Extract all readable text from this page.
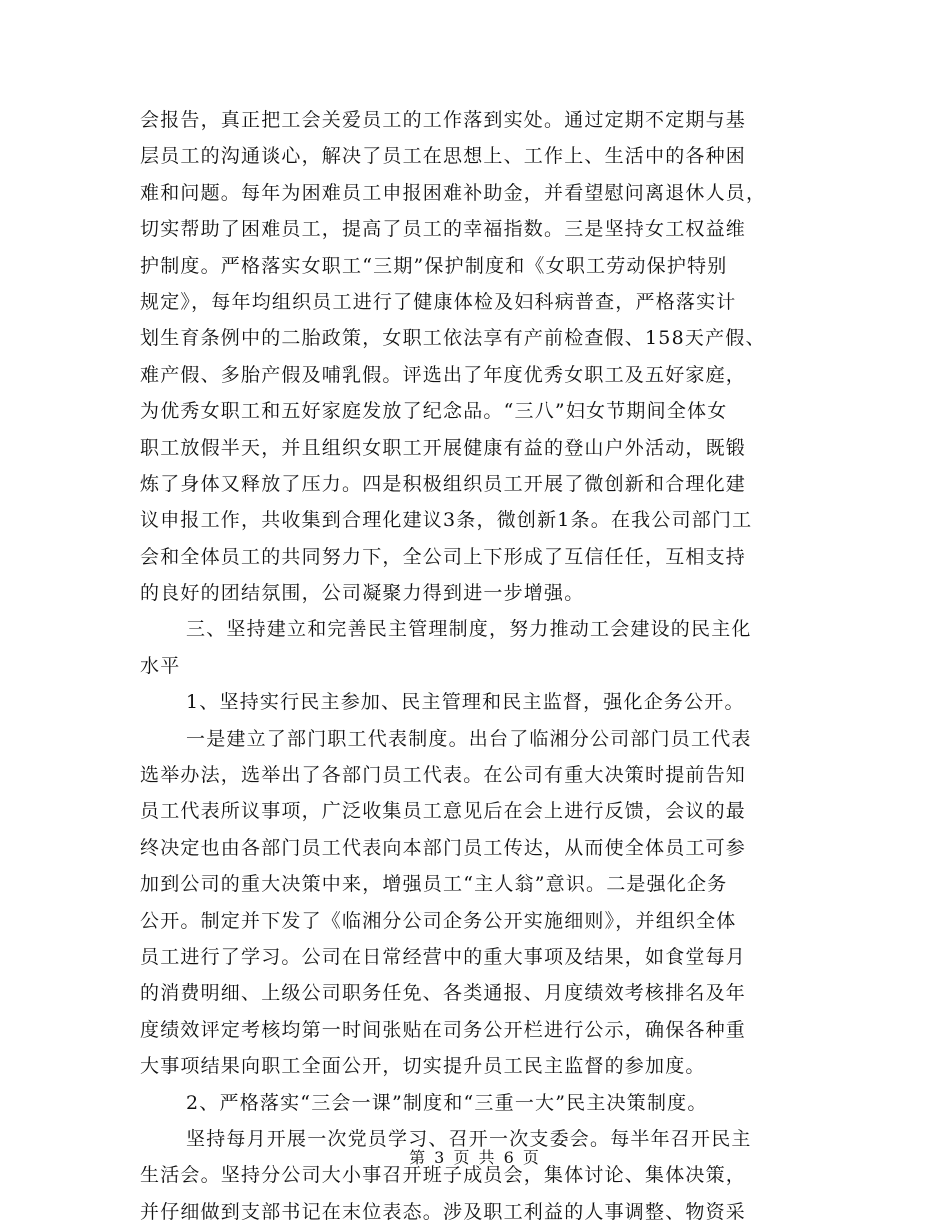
会报告，真正把工会关爱员工的工作落到实处。通过定期不定期与基
层员工的沟通谈心，解决了员工在思想上、工作上、生活中的各种困
难和问题。每年为困难员工申报困难补助金，并看望慰问离退休人员，
切实帮助了困难员工，提高了员工的幸福指数。三是坚持女工权益维
护制度。严格落实女职工“三期”保护制度和《女职工劳动保护特别
规定》，每年均组织员工进行了健康体检及妇科病普查，严格落实计
划生育条例中的二胎政策，女职工依法享有产前检查假、158天产假、
难产假、多胎产假及哺乳假。评选出了年度优秀女职工及五好家庭，
为优秀女职工和五好家庭发放了纪念品。“三八”妇女节期间全体女
职工放假半天，并且组织女职工开展健康有益的登山户外活动，既锻
炼了身体又释放了压力。四是积极组织员工开展了微创新和合理化建
议申报工作，共收集到合理化建议3条，微创新1条。在我公司部门工
会和全体员工的共同努力下，全公司上下形成了互信任任，互相支持
的良好的团结氛围，公司凝聚力得到进一步增强。
三、坚持建立和完善民主管理制度，努力推动工会建设的民主化
水平
1、坚持实行民主参加、民主管理和民主监督，强化企务公开。
一是建立了部门职工代表制度。出台了临湘分公司部门员工代表
选举办法，选举出了各部门员工代表。在公司有重大决策时提前告知
员工代表所议事项，广泛收集员工意见后在会上进行反馈，会议的最
终决定也由各部门员工代表向本部门员工传达，从而使全体员工可参
加到公司的重大决策中来，增强员工“主人翁”意识。二是强化企务
公开。制定并下发了《临湘分公司企务公开实施细则》，并组织全体
员工进行了学习。公司在日常经营中的重大事项及结果，如食堂每月
的消费明细、上级公司职务任免、各类通报、月度绩效考核排名及年
度绩效评定考核均第一时间张贴在司务公开栏进行公示，确保各种重
大事项结果向职工全面公开，切实提升员工民主监督的参加度。
2、严格落实“三会一课”制度和“三重一大”民主决策制度。
坚持每月开展一次党员学习、召开一次支委会。每半年召开民主
生活会。坚持分公司大小事召开班子成员会，集体讨论、集体决策，
并仔细做到支部书记在末位表态。涉及职工利益的人事调整、物资采
第 3 页 共 6 页
